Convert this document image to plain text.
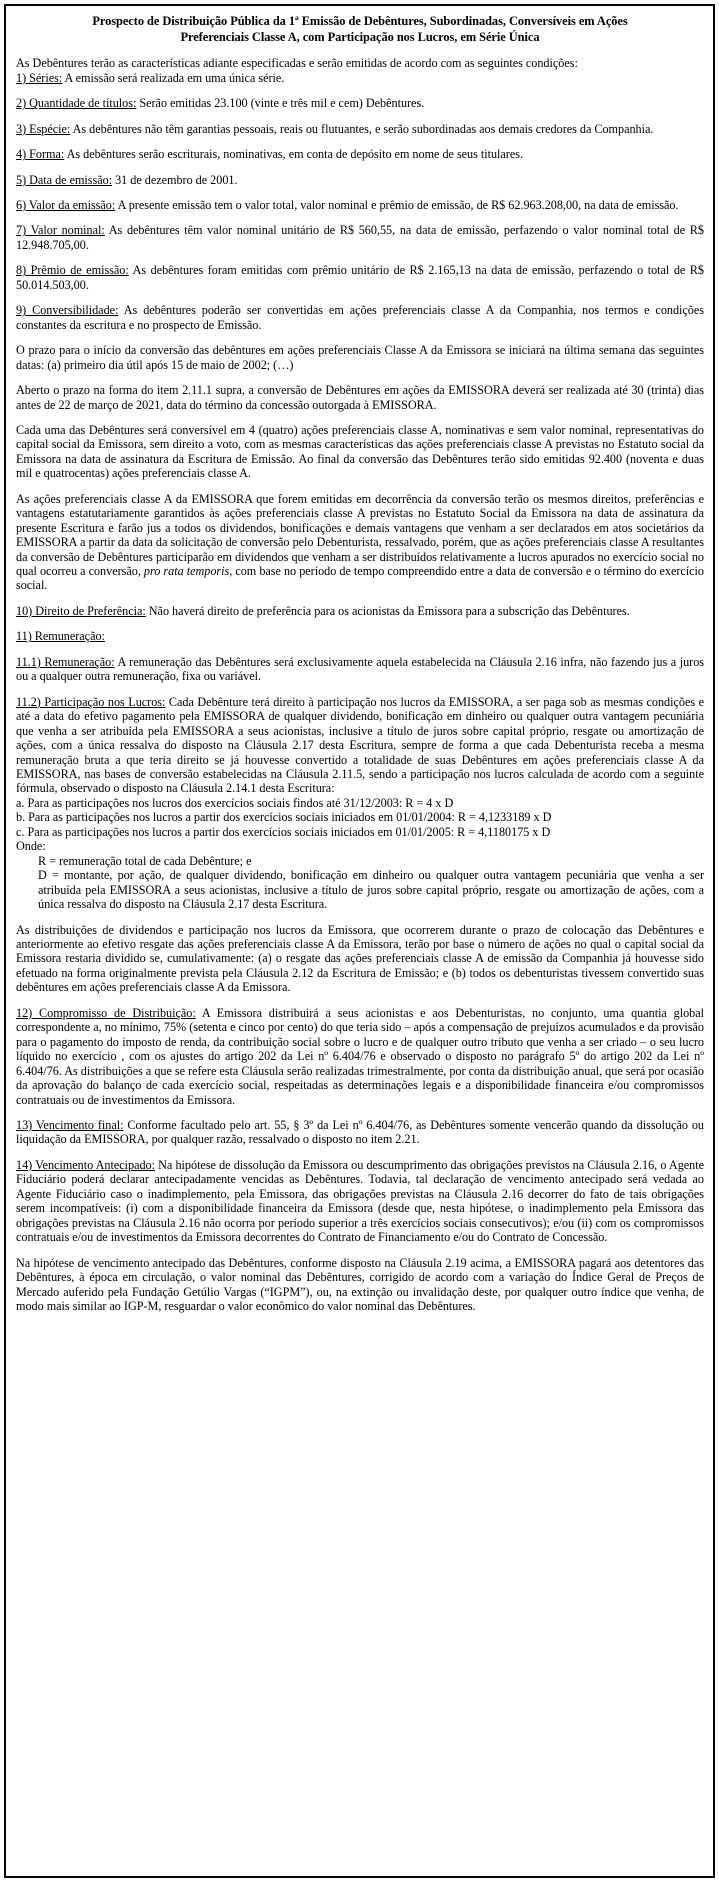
Prospecto de Distribuição Pública da 1ª Emissão de Debêntures, Subordinadas, Conversíveis em Ações
Preferenciais Classe A, com Participação nos Lucros, em Série Única

As Debêntures terão as características adiante especificadas e serão emitidas de acordo com as seguintes condições:

1) Séries: A emissão será realizada em uma única série.

2) Quantidade de títulos: Serão emitidas 23.100 (vinte e três mil e cem) Debêntures.

3) Espécie: As debêntures não têm garantias pessoais, reais ou flutuantes, e serão subordinadas aos demais credores da Companhia.

4) Forma: As debêntures serão escriturais, nominativas, em conta de depósito em nome de seus titulares.

5) Data de emissão: 31 de dezembro de 2001.

6) Valor da emissão: A presente emissão tem o valor total, valor nominal e prêmio de emissão, de R$ 62.963.208,00, na data de emissão.

7) Valor nominal: As debêntures têm valor nominal unitário de R$ 560,55, na data de emissão, perfazendo o valor nominal total de R$ 12.948.705,00.

8) Prêmio de emissão: As debêntures foram emitidas com prêmio unitário de R$ 2.165,13 na data de emissão, perfazendo o total de R$ 50.014.503,00.

9) Conversibilidade: As debêntures poderão ser convertidas em ações preferenciais classe A da Companhia, nos termos e condições constantes da escritura e no prospecto de Emissão.

O prazo para o início da conversão das debêntures em ações preferenciais Classe A da Emissora se iniciará na última semana das seguintes datas: (a) primeiro dia útil após 15 de maio de 2002; (…)

Aberto o prazo na forma do item 2.11.1 supra, a conversão de Debêntures em ações da EMISSORA deverá ser realizada até 30 (trinta) dias antes de 22 de março de 2021, data do término da concessão outorgada à EMISSORA.

Cada uma das Debêntures será conversível em 4 (quatro) ações preferenciais classe A, nominativas e sem valor nominal, representativas do capital social da Emissora, sem direito a voto, com as mesmas características das ações preferenciais classe A previstas no Estatuto social da Emissora na data de assinatura da Escritura de Emissão. Ao final da conversão das Debêntures terão sido emitidas 92.400 (noventa e duas mil e quatrocentas) ações preferenciais classe A.

As ações preferenciais classe A da EMISSORA que forem emitidas em decorrência da conversão terão os mesmos direitos, preferências e vantagens estatutariamente garantidos às ações preferenciais classe A previstas no Estatuto Social da Emissora na data de assinatura da presente Escritura e farão jus a todos os dividendos, bonificações e demais vantagens que venham a ser declarados em atos societários da EMISSORA a partir da data da solicitação de conversão pelo Debenturista, ressalvado, porém, que as ações preferenciais classe A resultantes da conversão de Debêntures participarão em dividendos que venham a ser distribuídos relativamente a lucros apurados no exercício social no qual ocorreu a conversão, pro rata temporis, com base no período de tempo compreendido entre a data de conversão e o término do exercício social.

10) Direito de Preferência: Não haverá direito de preferência para os acionistas da Emissora para a subscrição das Debêntures.

11) Remuneração:

11.1) Remuneração: A remuneração das Debêntures será exclusivamente aquela estabelecida na Cláusula 2.16 infra, não fazendo jus a juros ou a qualquer outra remuneração, fixa ou variável.

11.2) Participação nos Lucros: Cada Debênture terá direito à participação nos lucros da EMISSORA, a ser paga sob as mesmas condições e até a data do efetivo pagamento pela EMISSORA de qualquer dividendo, bonificação em dinheiro ou qualquer outra vantagem pecuniária que venha a ser atribuída pela EMISSORA a seus acionistas, inclusive a título de juros sobre capital próprio, resgate ou amortização de ações, com a única ressalva do disposto na Cláusula 2.17 desta Escritura, sempre de forma a que cada Debenturista receba a mesma remuneração bruta a que teria direito se já houvesse convertido a totalidade de suas Debêntures em ações preferenciais classe A da EMISSORA, nas bases de conversão estabelecidas na Cláusula 2.11.5, sendo a participação nos lucros calculada de acordo com a seguinte fórmula, observado o disposto na Cláusula 2.14.1 desta Escritura:

a. Para as participações nos lucros dos exercícios sociais findos até 31/12/2003: R = 4 x D

b. Para as participações nos lucros a partir dos exercícios sociais iniciados em 01/01/2004: R = 4,1233189 x D

c. Para as participações nos lucros a partir dos exercícios sociais iniciados em 01/01/2005: R = 4,1180175 x D

Onde:

R = remuneração total de cada Debênture; e

D = montante, por ação, de qualquer dividendo, bonificação em dinheiro ou qualquer outra vantagem pecuniária que venha a ser atribuída pela EMISSORA a seus acionistas, inclusive a título de juros sobre capital próprio, resgate ou amortização de ações, com a única ressalva do disposto na Cláusula 2.17 desta Escritura.

As distribuições de dividendos e participação nos lucros da Emissora, que ocorrerem durante o prazo de colocação das Debêntures e anteriormente ao efetivo resgate das ações preferenciais classe A da Emissora, terão por base o número de ações no qual o capital social da Emissora restaria dividido se, cumulativamente: (a) o resgate das ações preferenciais classe A de emissão da Companhia já houvesse sido efetuado na forma originalmente prevista pela Cláusula 2.12 da Escritura de Emissão; e (b) todos os debenturistas tivessem convertido suas debêntures em ações preferenciais classe A da Emissora.

12) Compromisso de Distribuição: A Emissora distribuirá a seus acionistas e aos Debenturistas, no conjunto, uma quantia global correspondente a, no mínimo, 75% (setenta e cinco por cento) do que teria sido – após a compensação de prejuízos acumulados e da provisão para o pagamento do imposto de renda, da contribuição social sobre o lucro e de qualquer outro tributo que venha a ser criado – o seu lucro líquido no exercício , com os ajustes do artigo 202 da Lei nº 6.404/76 e observado o disposto no parágrafo 5º do artigo 202 da Lei nº 6.404/76. As distribuições a que se refere esta Cláusula serão realizadas trimestralmente, por conta da distribuição anual, que será por ocasião da aprovação do balanço de cada exercício social, respeitadas as determinações legais e a disponibilidade financeira e/ou compromissos contratuais ou de investimentos da Emissora.

13) Vencimento final: Conforme facultado pelo art. 55, § 3º da Lei nº 6.404/76, as Debêntures somente vencerão quando da dissolução ou liquidação da EMISSORA, por qualquer razão, ressalvado o disposto no item 2.21.

14) Vencimento Antecipado: Na hipótese de dissolução da Emissora ou descumprimento das obrigações previstos na Cláusula 2.16, o Agente Fiduciário poderá declarar antecipadamente vencidas as Debêntures. Todavia, tal declaração de vencimento antecipado será vedada ao Agente Fiduciário caso o inadimplemento, pela Emissora, das obrigações previstas na Cláusula 2.16 decorrer do fato de tais obrigações serem incompatíveis: (i) com a disponibilidade financeira da Emissora (desde que, nesta hipótese, o inadimplemento pela Emissora das obrigações previstas na Cláusula 2.16 não ocorra por período superior a três exercícios sociais consecutivos); e/ou (ii) com os compromissos contratuais e/ou de investimentos da Emissora decorrentes do Contrato de Financiamento e/ou do Contrato de Concessão.

Na hipótese de vencimento antecipado das Debêntures, conforme disposto na Cláusula 2.19 acima, a EMISSORA pagará aos detentores das Debêntures, à época em circulação, o valor nominal das Debêntures, corrigido de acordo com a variação do Índice Geral de Preços de Mercado auferido pela Fundação Getúlio Vargas (“IGPM”), ou, na extinção ou invalidação deste, por qualquer outro índice que venha, de modo mais similar ao IGP-M, resguardar o valor econômico do valor nominal das Debêntures.
